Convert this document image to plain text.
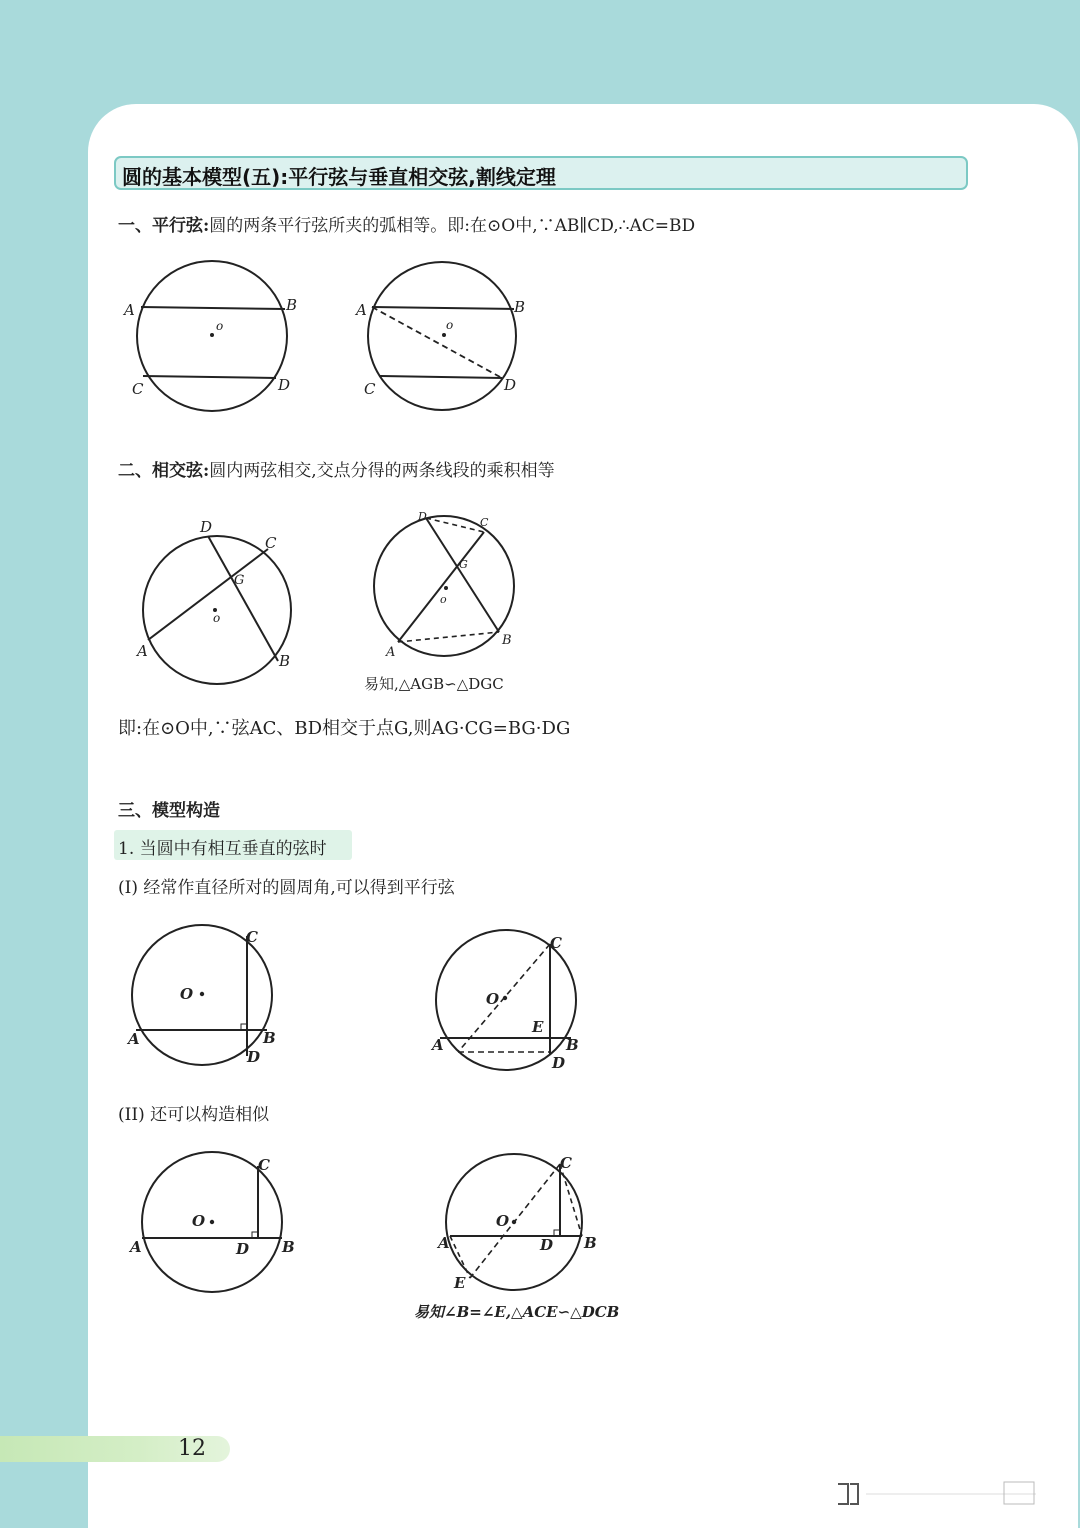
圆的基本模型(五):平行弦与垂直相交弦,割线定理
一、平行弦:圆的两条平行弦所夹的弧相等。即:在⊙O中,∵AB∥CD,∴AC=BD
A	B
C	D
o
A	B
C	D
o
二、相交弦:圆内两弦相交,交点分得的两条线段的乘积相等
D
C
G
o
A
B
D	C
G
o
A
B
易知,△AGB∽△DGC
即:在⊙O中,∵弦AC、BD相交于点G,则AG·CG=BG·DG
三、模型构造
1. 当圆中有相互垂直的弦时
(I) 经常作直径所对的圆周角,可以得到平行弦
C
O
A	B
D
C
O
E
A	B
D
(II) 还可以构造相似
C
O
A	D B
C
O
A	D B
E
易知∠B=∠E,△ACE∽△DCB
12
